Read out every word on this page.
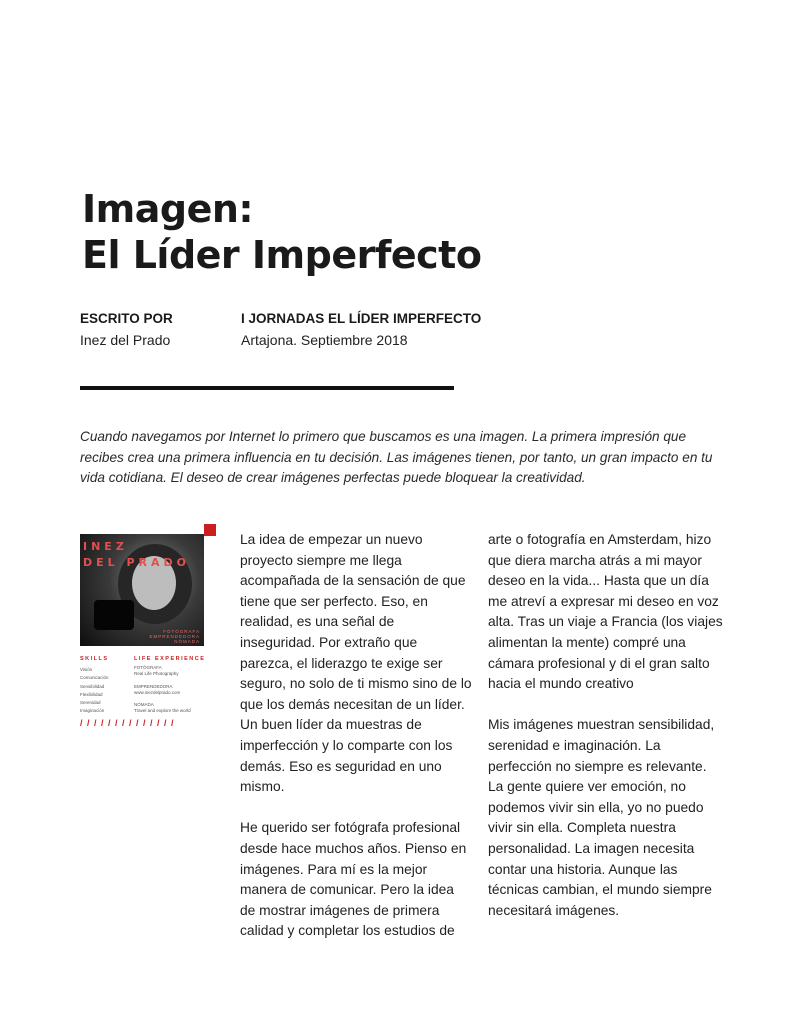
Imagen:
El Líder Imperfecto
ESCRITO POR
Inez del Prado
I JORNADAS EL LÍDER IMPERFECTO
Artajona. Septiembre 2018

Cuando navegamos por Internet lo primero que buscamos es una imagen. La primera impresión que recibes crea una primera influencia en tu decisión. Las imágenes tienen, por tanto, un gran impacto en tu vida cotidiana. El deseo de crear imágenes perfectas puede bloquear la creatividad.

INEZ
DEL PRADO
FOTÓGRAFA
EMPRENDEDORA
NÓMADA
SKILLS
Visión
Comunicación
Sensibilidad
Flexibilidad
Serenidad
Imaginación
LIFE EXPERIENCE
FOTÓGRAFA
Real Life Photography
EMPRENDEDORA
www.inezdelprado.com
NÓMADA
Travel and explore the world
/ / / / / / / / / / / / / /

La idea de empezar un nuevo proyecto siempre me llega acompañada de la sensación de que tiene que ser perfecto. Eso, en realidad, es una señal de inseguridad. Por extraño que parezca, el liderazgo te exige ser seguro, no solo de ti mismo sino de lo que los demás necesitan de un líder. Un buen líder da muestras de imperfección y lo comparte con los demás. Eso es seguridad en uno mismo.

He querido ser fotógrafa profesional desde hace muchos años. Pienso en imágenes. Para mí es la mejor manera de comunicar. Pero la idea de mostrar imágenes de primera calidad y completar los estudios de

arte o fotografía en Amsterdam, hizo que diera marcha atrás a mi mayor deseo en la vida... Hasta que un día me atreví a expresar mi deseo en voz alta. Tras un viaje a Francia (los viajes alimentan la mente) compré una cámara profesional y di el gran salto hacia el mundo creativo

Mis imágenes muestran sensibilidad, serenidad e imaginación. La perfección no siempre es relevante. La gente quiere ver emoción, no podemos vivir sin ella, yo no puedo vivir sin ella. Completa nuestra personalidad. La imagen necesita contar una historia. Aunque las técnicas cambian, el mundo siempre necesitará imágenes.
